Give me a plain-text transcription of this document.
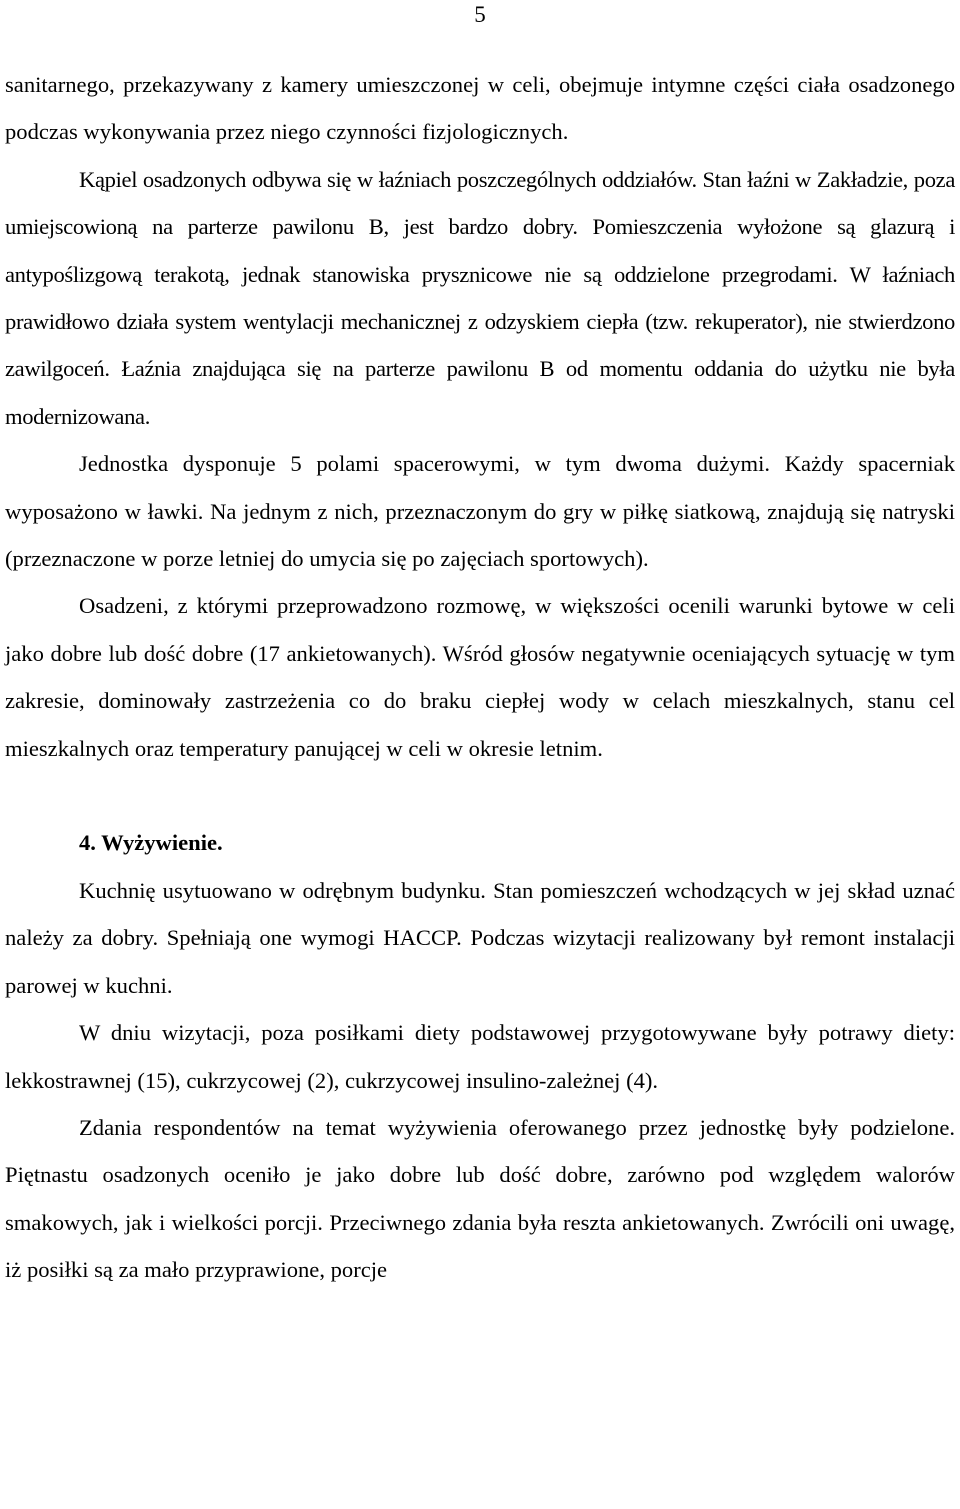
5

sanitarnego, przekazywany z kamery umieszczonej w celi, obejmuje intymne części ciała osadzonego podczas wykonywania przez niego czynności fizjologicznych.

Kąpiel osadzonych odbywa się w łaźniach poszczególnych oddziałów. Stan łaźni w Zakładzie, poza umiejscowioną na parterze pawilonu B, jest bardzo dobry. Pomieszczenia wyłożone są glazurą i antypoślizgową terakotą, jednak stanowiska prysznicowe nie są oddzielone przegrodami. W łaźniach prawidłowo działa system wentylacji mechanicznej z odzyskiem ciepła (tzw. rekuperator), nie stwierdzono zawilgoceń. Łaźnia znajdująca się na parterze pawilonu B od momentu oddania do użytku nie była modernizowana.

Jednostka dysponuje 5 polami spacerowymi, w tym dwoma dużymi. Każdy spacerniak wyposażono w ławki. Na jednym z nich, przeznaczonym do gry w piłkę siatkową, znajdują się natryski (przeznaczone w porze letniej do umycia się po zajęciach sportowych).

Osadzeni, z którymi przeprowadzono rozmowę, w większości ocenili warunki bytowe w celi jako dobre lub dość dobre (17 ankietowanych). Wśród głosów negatywnie oceniających sytuację w tym zakresie, dominowały zastrzeżenia co do braku ciepłej wody w celach mieszkalnych, stanu cel mieszkalnych oraz temperatury panującej w celi w okresie letnim.

4. Wyżywienie.

Kuchnię usytuowano w odrębnym budynku. Stan pomieszczeń wchodzących w jej skład uznać należy za dobry. Spełniają one wymogi HACCP. Podczas wizytacji realizowany był remont instalacji parowej w kuchni.

W dniu wizytacji, poza posiłkami diety podstawowej przygotowywane były potrawy diety: lekkostrawnej (15), cukrzycowej (2), cukrzycowej insulino-zależnej (4).

Zdania respondentów na temat wyżywienia oferowanego przez jednostkę były podzielone. Piętnastu osadzonych oceniło je jako dobre lub dość dobre, zarówno pod względem walorów smakowych, jak i wielkości porcji. Przeciwnego zdania była reszta ankietowanych. Zwrócili oni uwagę, iż posiłki są za mało przyprawione, porcje
